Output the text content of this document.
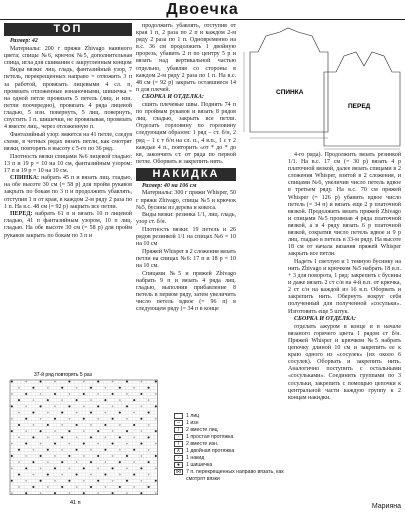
Двоечка
ТОП

Размер: 42

Материалы: 200 г пряжи Zhivago наивного цвета; спицы №6, крючок №5, дополнительная спица, игла для сшивания с закругленным концом

Виды вязки: лиц. гладь, фантазийный узор, 7 петель, перекрещенных направо = отложить 3 п за работой, провязать лицевыми 4 сл. п, провязать отложенные изнаночными, шишечка = на одной петле провязать 5 петель (лиц. и изн. петли поочередно), провязать 4 ряда лицевой гладью, 5 изн. повернуть, 5 лиц. повернуть, спустить 1 п. шишечки, не провязывая, провязать 4 вместе лиц., через отложенную п.

Фантазийный узор: вяжется на 41 петле, следуя схеме, в четных рядах вязать петли, как смотрят вязки, повторять в высоту с 5-го по 36 ряд.

Плотность вязки спицами №6 лицевой гладью: 13 п и 19 р = 10 на 10 см, фантазийным узором: 17 п и 19 р = 10 на 10 см.

СПИНКА: набрать 45 п и вязать лиц. гладью, на обе высоте 30 см (= 58 р) для пройм рукавов закрыть по бокам по 3 п и продолжить убавлять, отступив 1 п от края, в каждом 2-м ряду 2 раза по 1 п. На в.с. 48 см (= 92 р) закрыть все петли.

ПЕРЕД: набрать 61 п и вязать 10 п лицевой гладью, 41 п фантазийным узором, 10 п лиц. гладью. На обе высоте 30 см (= 58 р) для пройм рукавов закрыть по бокам по 3 п и

продолжить убавлять, отступив от края 1 п, 2 раза по 2 п и каждом 2-м ряду 2 раза по 1 п. Одновременно на в.с. 36 см продолжить 1 двойную прорезь, убавить 2 п по центру 5 р и вязать над вертикальной частью отдельно, убавляя со стороны в каждом 2-м ряду 2 раза по 1 п. На в.с. 48 см (= 92 р) закрыть оставшиеся 14 п для плечей.

СБОРКА И ОТДЕЛКА:

сшить плечевые швы. Поднять 74 п по проймам рукавов и вязать 8 рядов лиц. гладью, закрыть все петли. Отделать горловину по горловину следующим образом: 1 ряд – ст. б/н, 2 ряд – 1 с т б/н на сл. п., 4 в.п., 1 с т 2 каждые 4 п., повторить «от * до * до кв, закончить ст. от ряда по первой петле. Оборвать и закрепить нить.

НАКИДКА

Размер: 40 на 106 см

Материалы: 300 г пряжи Whisper, 50 г пряжи Zhivago, спицы №5 и крючок №5, бусины из дерева и кокоса.

Виды вязки: резинка 1/1, лиц. гладь, узор ст. б/н.

Плотность вязки: 19 петель и 26 рядов резинкой 1/1 на спицах №6 = 10 на 10 см

Пряжей Whisper в 2 сложения вязать петли на спицах №6: 17 п и 18 р = 10 на 10 см.

Спицами №5 и пряжей Zhivago набрать 9 п и вязать 4 ряда лиц. гладью, выполнив прибавление 8 петель в первом ряду, затем увеличить число петель вдвое (= 96 п) в следующем ряду (= 34 п в конце

СПИНКА
ПЕРЕД

4-го ряда). Продолжить вязать резинкой 1/1. На в.с. 17 см (= 30 р) вязать 4 р платочной вязкой, далее вязать спицами в 2 сложения Whisper, взятой в 2 сложения, и спицами №6, увеличив число петель вдвое в третьем ряду. На в.с. 70 см пряжей Whisper (= 126 р) убавить вдвое число петель (= 34 п) и вязать еще 2 р платочной вязкой. Продолжить вязать пряжей Zhivago и спицами №5 провязав 4 ряда платочной вязкой, а в 4 ряду вязать 6 р платочной вязкой, сократив число петель вдвое и 9 р лиц. гладью в петель в 33-м ряду. На высоте 18 см от начала вязания пряжей Whisper закрыть все петли.

Надеть 1 светлую и 1 темную бусинку на нить Zhivago и крючком №5 набрать 18 в.п. + 3 для поворота, 1 ряд: закрепить с бусины и даже вязать 2 ст с/н на 4-й в.п. от крючка, 2 ст с/н на каждой из 16 в.п. Оборвать и закрепить нить. Обернуть вокруг себя полученный для полученной «сосульки». Изготовить еще 5 штук.

СБОРКА И ОТДЕЛКА:

отделать ажуром в конце и в начале вязаного горячего цвета 1 рядом ст б/н. Пряжей Whisper и крючком №5 набрать цепочку длиной 10 см и закрепить ее к краю одного из «сосулек» (их около 6 сосулек). Оборвать и закрепить нить. Аналогично поступить с остальными «сосульками». Соединить группами по 3 сосульки, закрепить с помощью цепочки к центральной части каждую группу к 2 концам накидки.

37-й ряд повторять 5 раз
41 п
1 лиц
–	1 изн
/	2 вместе лиц
◦	1 простая протяжка
\	2 вместе изн.
∧	1 двойная протяжка
◦	1 накид
●	1 шишечка
⋈ 7 п. перекрещенных направо вязать, как смотрят вязки
Марияна
